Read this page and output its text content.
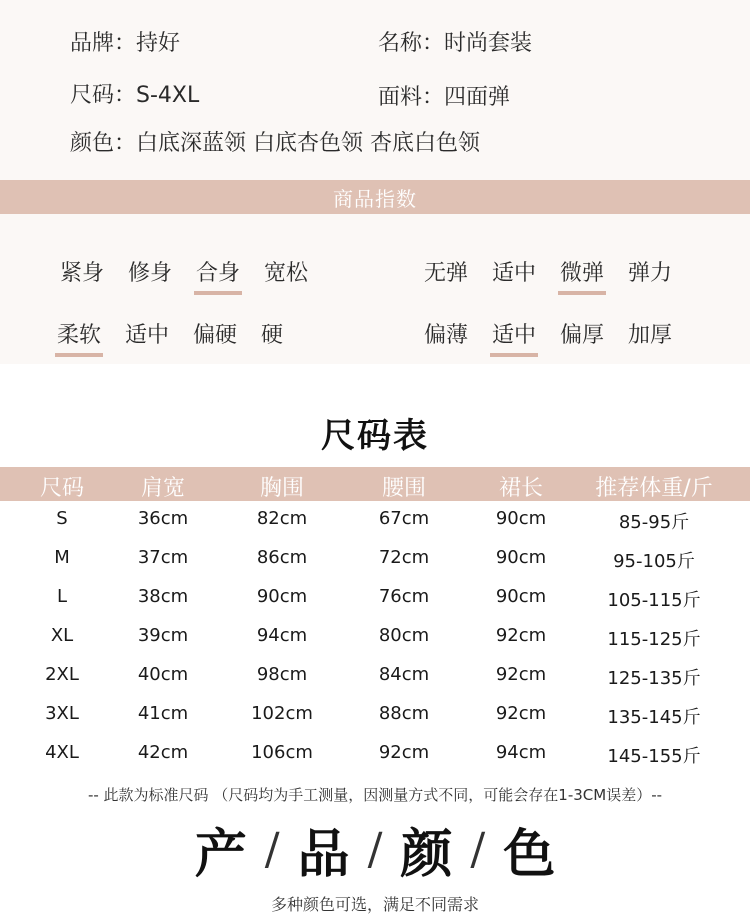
品牌：持好	名称：时尚套装
尺码：S-4XL	面料：四面弹
颜色：白底深蓝领 白底杏色领 杏底白色领
商品指数
紧身 修身 合身 宽松	无弹 适中 微弹 弹力
柔软 适中 偏硬 硬	偏薄 适中 偏厚 加厚
尺码表
尺码	肩宽	胸围	腰围	裙长	推荐体重/斤
S	36cm	82cm	67cm	90cm	85-95斤
M	37cm	86cm	72cm	90cm	95-105斤
L	38cm	90cm	76cm	90cm	105-115斤
XL	39cm	94cm	80cm	92cm	115-125斤
2XL	40cm	98cm	84cm	92cm	125-135斤
3XL	41cm	102cm	88cm	92cm	135-145斤
4XL	42cm	106cm	92cm	94cm	145-155斤
-- 此款为标准尺码 （尺码均为手工测量，因测量方式不同，可能会存在1-3CM误差）--
产 / 品 / 颜 / 色
多种颜色可选，满足不同需求
